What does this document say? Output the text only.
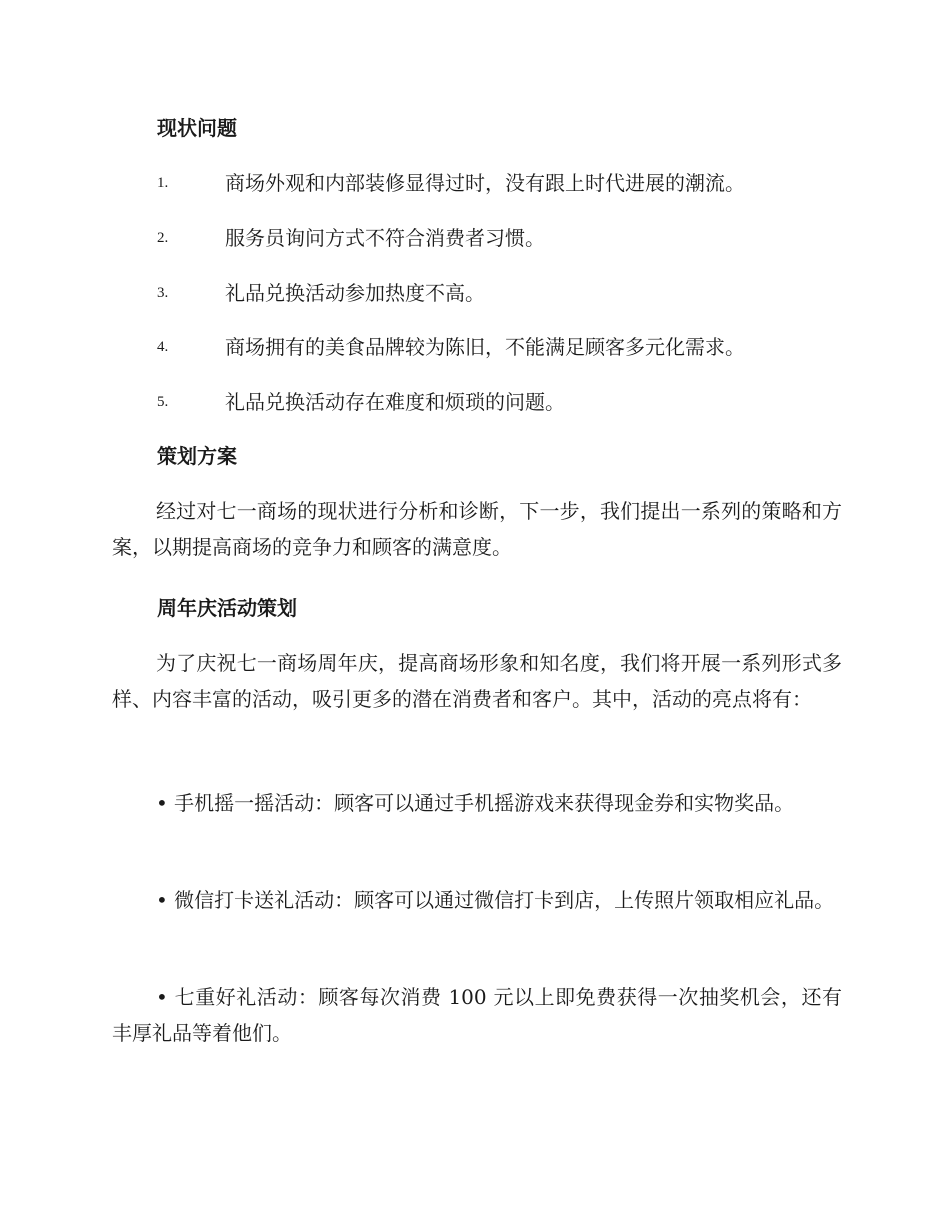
现状问题
1.	商场外观和内部装修显得过时，没有跟上时代进展的潮流。
2.	服务员询问方式不符合消费者习惯。
3.	礼品兑换活动参加热度不高。
4.	商场拥有的美食品牌较为陈旧，不能满足顾客多元化需求。
5.	礼品兑换活动存在难度和烦琐的问题。
策划方案
经过对七一商场的现状进行分析和诊断，下一步，我们提出一系列的策略和方案，以期提高商场的竞争力和顾客的满意度。
周年庆活动策划
为了庆祝七一商场周年庆，提高商场形象和知名度，我们将开展一系列形式多样、内容丰富的活动，吸引更多的潜在消费者和客户。其中，活动的亮点将有：
• 手机摇一摇活动：顾客可以通过手机摇游戏来获得现金券和实物奖品。
• 微信打卡送礼活动：顾客可以通过微信打卡到店，上传照片领取相应礼品。
• 七重好礼活动：顾客每次消费 100 元以上即免费获得一次抽奖机会，还有丰厚礼品等着他们。
